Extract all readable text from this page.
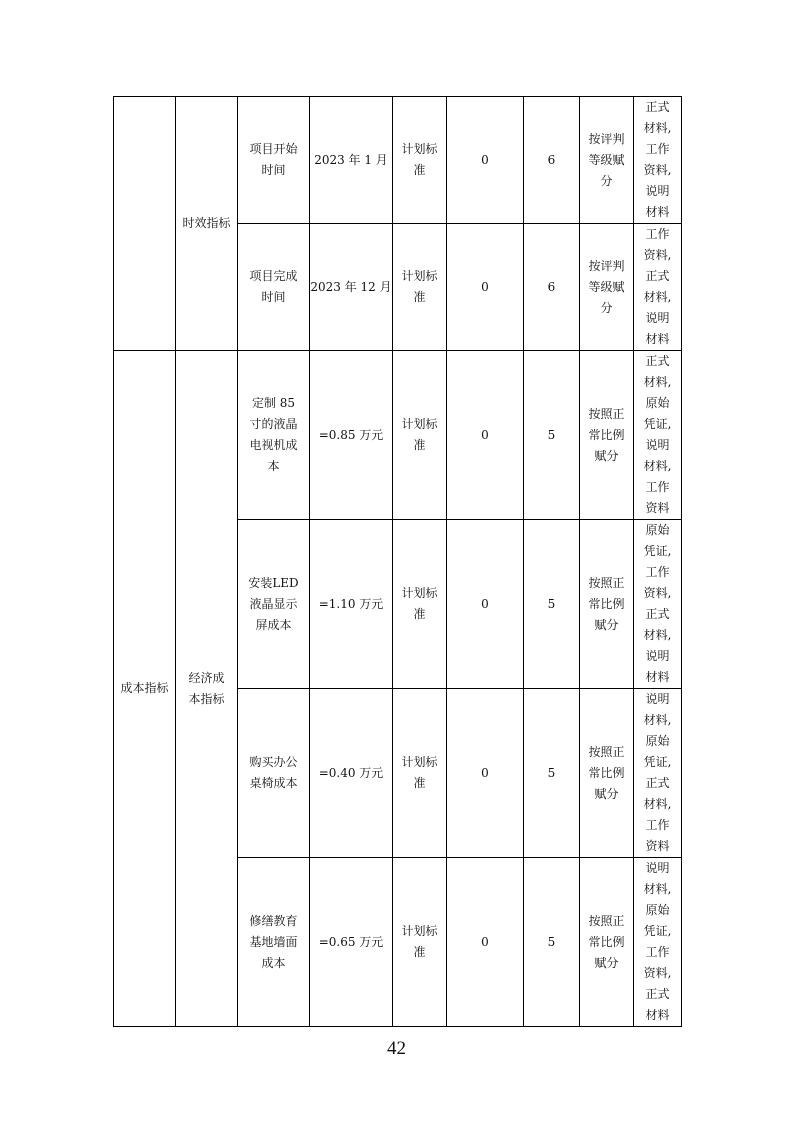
	时效指标	项目开始时间	2023 年 1 月	计划标准	0	6	按评判等级赋分	正式材料,工作资料,说明材料

		项目完成时间	2023 年 12 月	计划标准	0	6	按评判等级赋分	工作资料,正式材料,说明材料

成本指标	经济成本指标	定制 85 寸的液晶电视机成本	=0.85 万元	计划标准	0	5	按照正常比例赋分	正式材料,原始凭证,说明材料,工作资料

		安装LED液晶显示屏成本	=1.10 万元	计划标准	0	5	按照正常比例赋分	原始凭证,工作资料,正式材料,说明材料

		购买办公桌椅成本	=0.40 万元	计划标准	0	5	按照正常比例赋分	说明材料,原始凭证,正式材料,工作资料

		修缮教育基地墙面成本	=0.65 万元	计划标准	0	5	按照正常比例赋分	说明材料,原始凭证,工作资料,正式材料
42
